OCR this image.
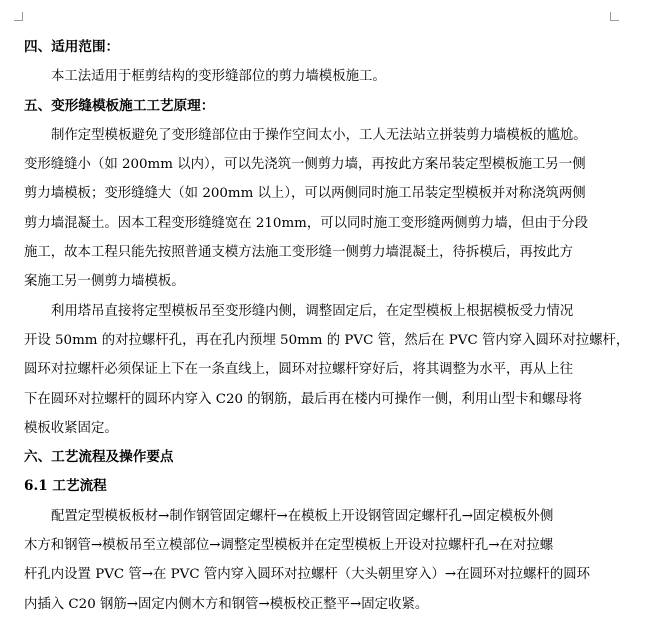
四、适用范围：
本工法适用于框剪结构的变形缝部位的剪力墙模板施工。
五、变形缝模板施工工艺原理：
制作定型模板避免了变形缝部位由于操作空间太小，工人无法站立拼装剪力墙模板的尴尬。
变形缝缝小（如 200mm 以内），可以先浇筑一侧剪力墙，再按此方案吊装定型模板施工另一侧
剪力墙模板；变形缝缝大（如 200mm 以上），可以两侧同时施工吊装定型模板并对称浇筑两侧
剪力墙混凝土。因本工程变形缝缝宽在 210mm，可以同时施工变形缝两侧剪力墙，但由于分段
施工，故本工程只能先按照普通支模方法施工变形缝一侧剪力墙混凝土，待拆模后，再按此方
案施工另一侧剪力墙模板。
利用塔吊直接将定型模板吊至变形缝内侧，调整固定后，在定型模板上根据模板受力情况
开设 50mm 的对拉螺杆孔，再在孔内预埋 50mm 的 PVC 管，然后在 PVC 管内穿入圆环对拉螺杆，
圆环对拉螺杆必须保证上下在一条直线上，圆环对拉螺杆穿好后，将其调整为水平，再从上往
下在圆环对拉螺杆的圆环内穿入 C20 的钢筋，最后再在楼内可操作一侧，利用山型卡和螺母将
模板收紧固定。
六、工艺流程及操作要点
6.1 工艺流程
配置定型模板板材→制作钢管固定螺杆→在模板上开设钢管固定螺杆孔→固定模板外侧
木方和钢管→模板吊至立模部位→调整定型模板并在定型模板上开设对拉螺杆孔→在对拉螺
杆孔内设置 PVC 管→在 PVC 管内穿入圆环对拉螺杆（大头朝里穿入）→在圆环对拉螺杆的圆环
内插入 C20 钢筋→固定内侧木方和钢管→模板校正整平→固定收紧。
